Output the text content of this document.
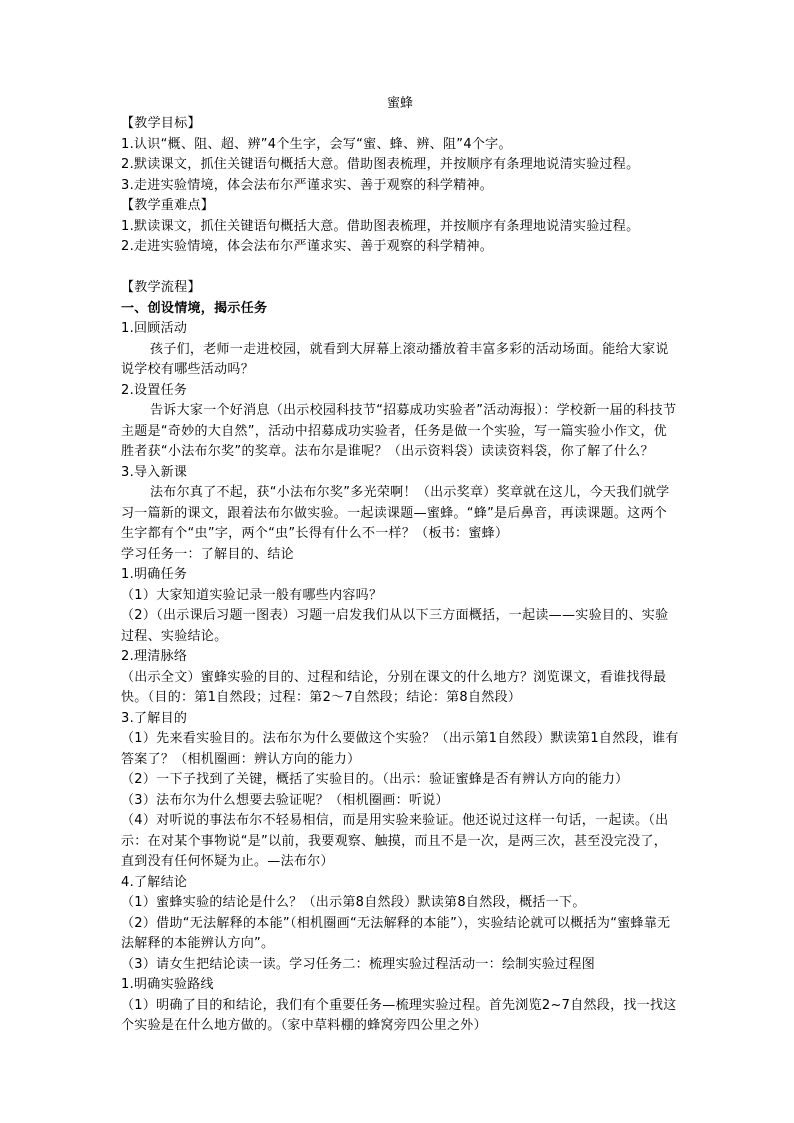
蜜蜂

【教学目标】

1.认识“概、阻、超、辨”4个生字，会写“蜜、蜂、辨、阻”4个字。

2.默读课文，抓住关键语句概括大意。借助图表梳理，并按顺序有条理地说清实验过程。

3.走进实验情境，体会法布尔严谨求实、善于观察的科学精神。

【教学重难点】

1.默读课文，抓住关键语句概括大意。借助图表梳理，并按顺序有条理地说清实验过程。

2.走进实验情境，体会法布尔严谨求实、善于观察的科学精神。

【教学流程】

一、创设情境，揭示任务

1.回顾活动

孩子们，老师一走进校园，就看到大屏幕上滚动播放着丰富多彩的活动场面。能给大家说说学校有哪些活动吗？

2.设置任务

告诉大家一个好消息（出示校园科技节“招募成功实验者”活动海报）：学校新一届的科技节主题是“奇妙的大自然”，活动中招募成功实验者，任务是做一个实验，写一篇实验小作文，优胜者获“小法布尔奖”的奖章。法布尔是谁呢？（出示资料袋）读读资料袋，你了解了什么？

3.导入新课

法布尔真了不起，获“小法布尔奖”多光荣啊！（出示奖章）奖章就在这儿，今天我们就学习一篇新的课文，跟着法布尔做实验。一起读课题—蜜蜂。“蜂”是后鼻音，再读课题。这两个生字都有个“虫”字，两个“虫”长得有什么不一样？（板书：蜜蜂）

学习任务一：了解目的、结论

1.明确任务

（1）大家知道实验记录一般有哪些内容吗？

（2）（出示课后习题一图表）习题一启发我们从以下三方面概括，一起读——实验目的、实验过程、实验结论。

2.理清脉络

（出示全文）蜜蜂实验的目的、过程和结论，分别在课文的什么地方？浏览课文，看谁找得最快。（目的：第1自然段；过程：第2～7自然段；结论：第8自然段）

3.了解目的

（1）先来看实验目的。法布尔为什么要做这个实验？（出示第1自然段）默读第1自然段，谁有答案了？（相机圈画：辨认方向的能力）

（2）一下子找到了关键，概括了实验目的。（出示：验证蜜蜂是否有辨认方向的能力）

（3）法布尔为什么想要去验证呢？（相机圈画：听说）

（4）对听说的事法布尔不轻易相信，而是用实验来验证。他还说过这样一句话，一起读。（出示：在对某个事物说“是”以前，我要观察、触摸，而且不是一次，是两三次，甚至没完没了，直到没有任何怀疑为止。—法布尔）

4.了解结论

（1）蜜蜂实验的结论是什么？（出示第8自然段）默读第8自然段，概括一下。

（2）借助“无法解释的本能”（相机圈画“无法解释的本能”），实验结论就可以概括为“蜜蜂靠无法解释的本能辨认方向”。

（3）请女生把结论读一读。学习任务二：梳理实验过程活动一：绘制实验过程图

1.明确实验路线

（1）明确了目的和结论，我们有个重要任务—梳理实验过程。首先浏览2~7自然段，找一找这个实验是在什么地方做的。（家中草料棚的蜂窝旁四公里之外）
